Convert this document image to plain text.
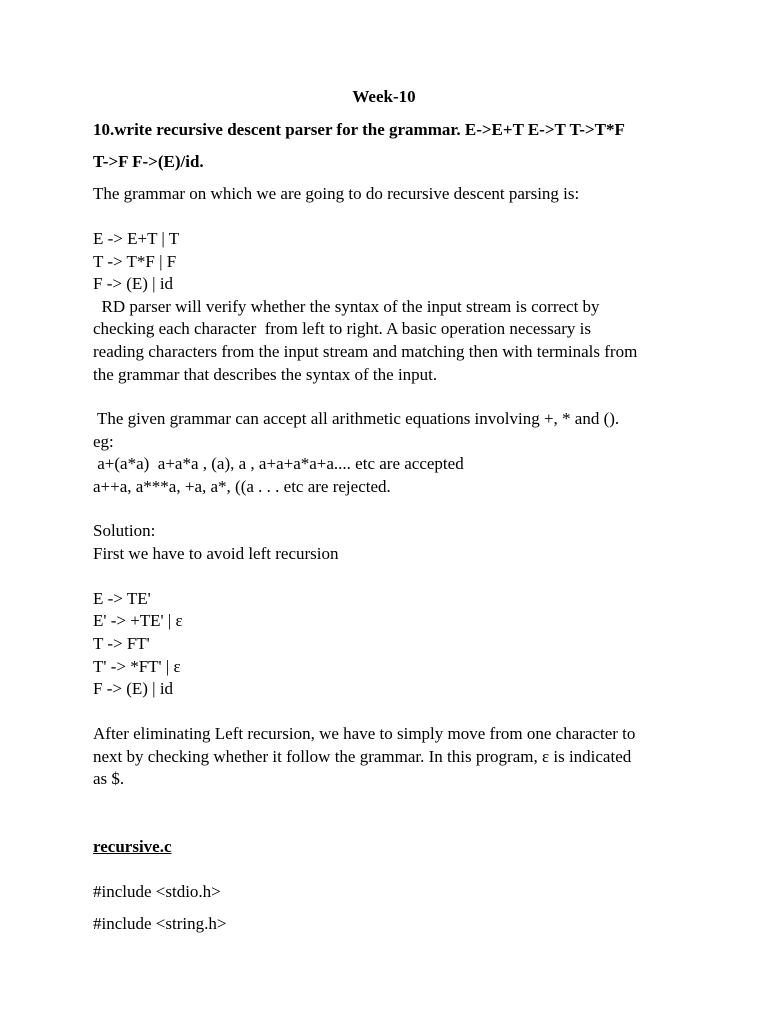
Week-10

10.write recursive descent parser for the grammar. E->E+T E->T T->T*F

T->F F->(E)/id.

The grammar on which we are going to do recursive descent parsing is:

E -> E+T | T

T -> T*F | F

F -> (E) | id

RD parser will verify whether the syntax of the input stream is correct by

checking each character  from left to right. A basic operation necessary is

reading characters from the input stream and matching then with terminals from

the grammar that describes the syntax of the input.

The given grammar can accept all arithmetic equations involving +, * and ().

eg:

a+(a*a)  a+a*a , (a), a , a+a+a*a+a.... etc are accepted

a++a, a***a, +a, a*, ((a . . . etc are rejected.

Solution:

First we have to avoid left recursion

E -> TE'

E' -> +TE' | ε

T -> FT'

T' -> *FT' | ε

F -> (E) | id

After eliminating Left recursion, we have to simply move from one character to

next by checking whether it follow the grammar. In this program, ε is indicated

as $.

recursive.c

#include <stdio.h>

#include <string.h>
